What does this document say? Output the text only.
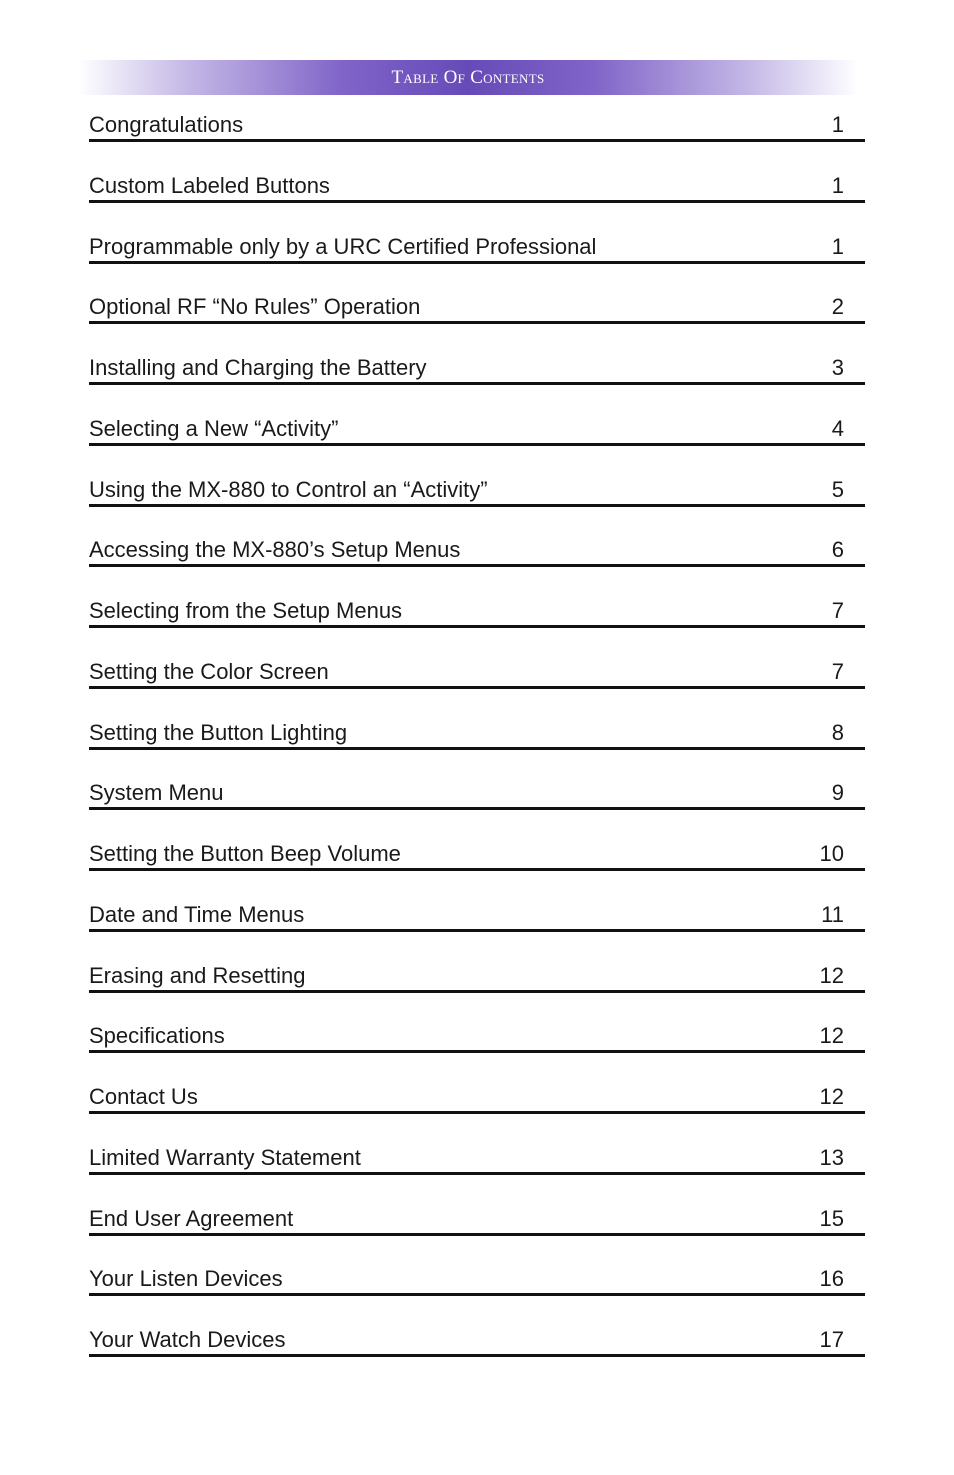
Table Of Contents
Congratulations	1
Custom Labeled Buttons	1
Programmable only by a URC Certified Professional	1
Optional RF “No Rules” Operation	2
Installing and Charging the Battery	3
Selecting a New “Activity”	4
Using the MX-880 to Control an “Activity”	5
Accessing the MX-880’s Setup Menus	6
Selecting from the Setup Menus	7
Setting the Color Screen	7
Setting the Button Lighting	8
System Menu	9
Setting the Button Beep Volume	10
Date and Time Menus	11
Erasing and Resetting	12
Specifications	12
Contact Us	12
Limited Warranty Statement	13
End User Agreement	15
Your Listen Devices	16
Your Watch Devices	17
